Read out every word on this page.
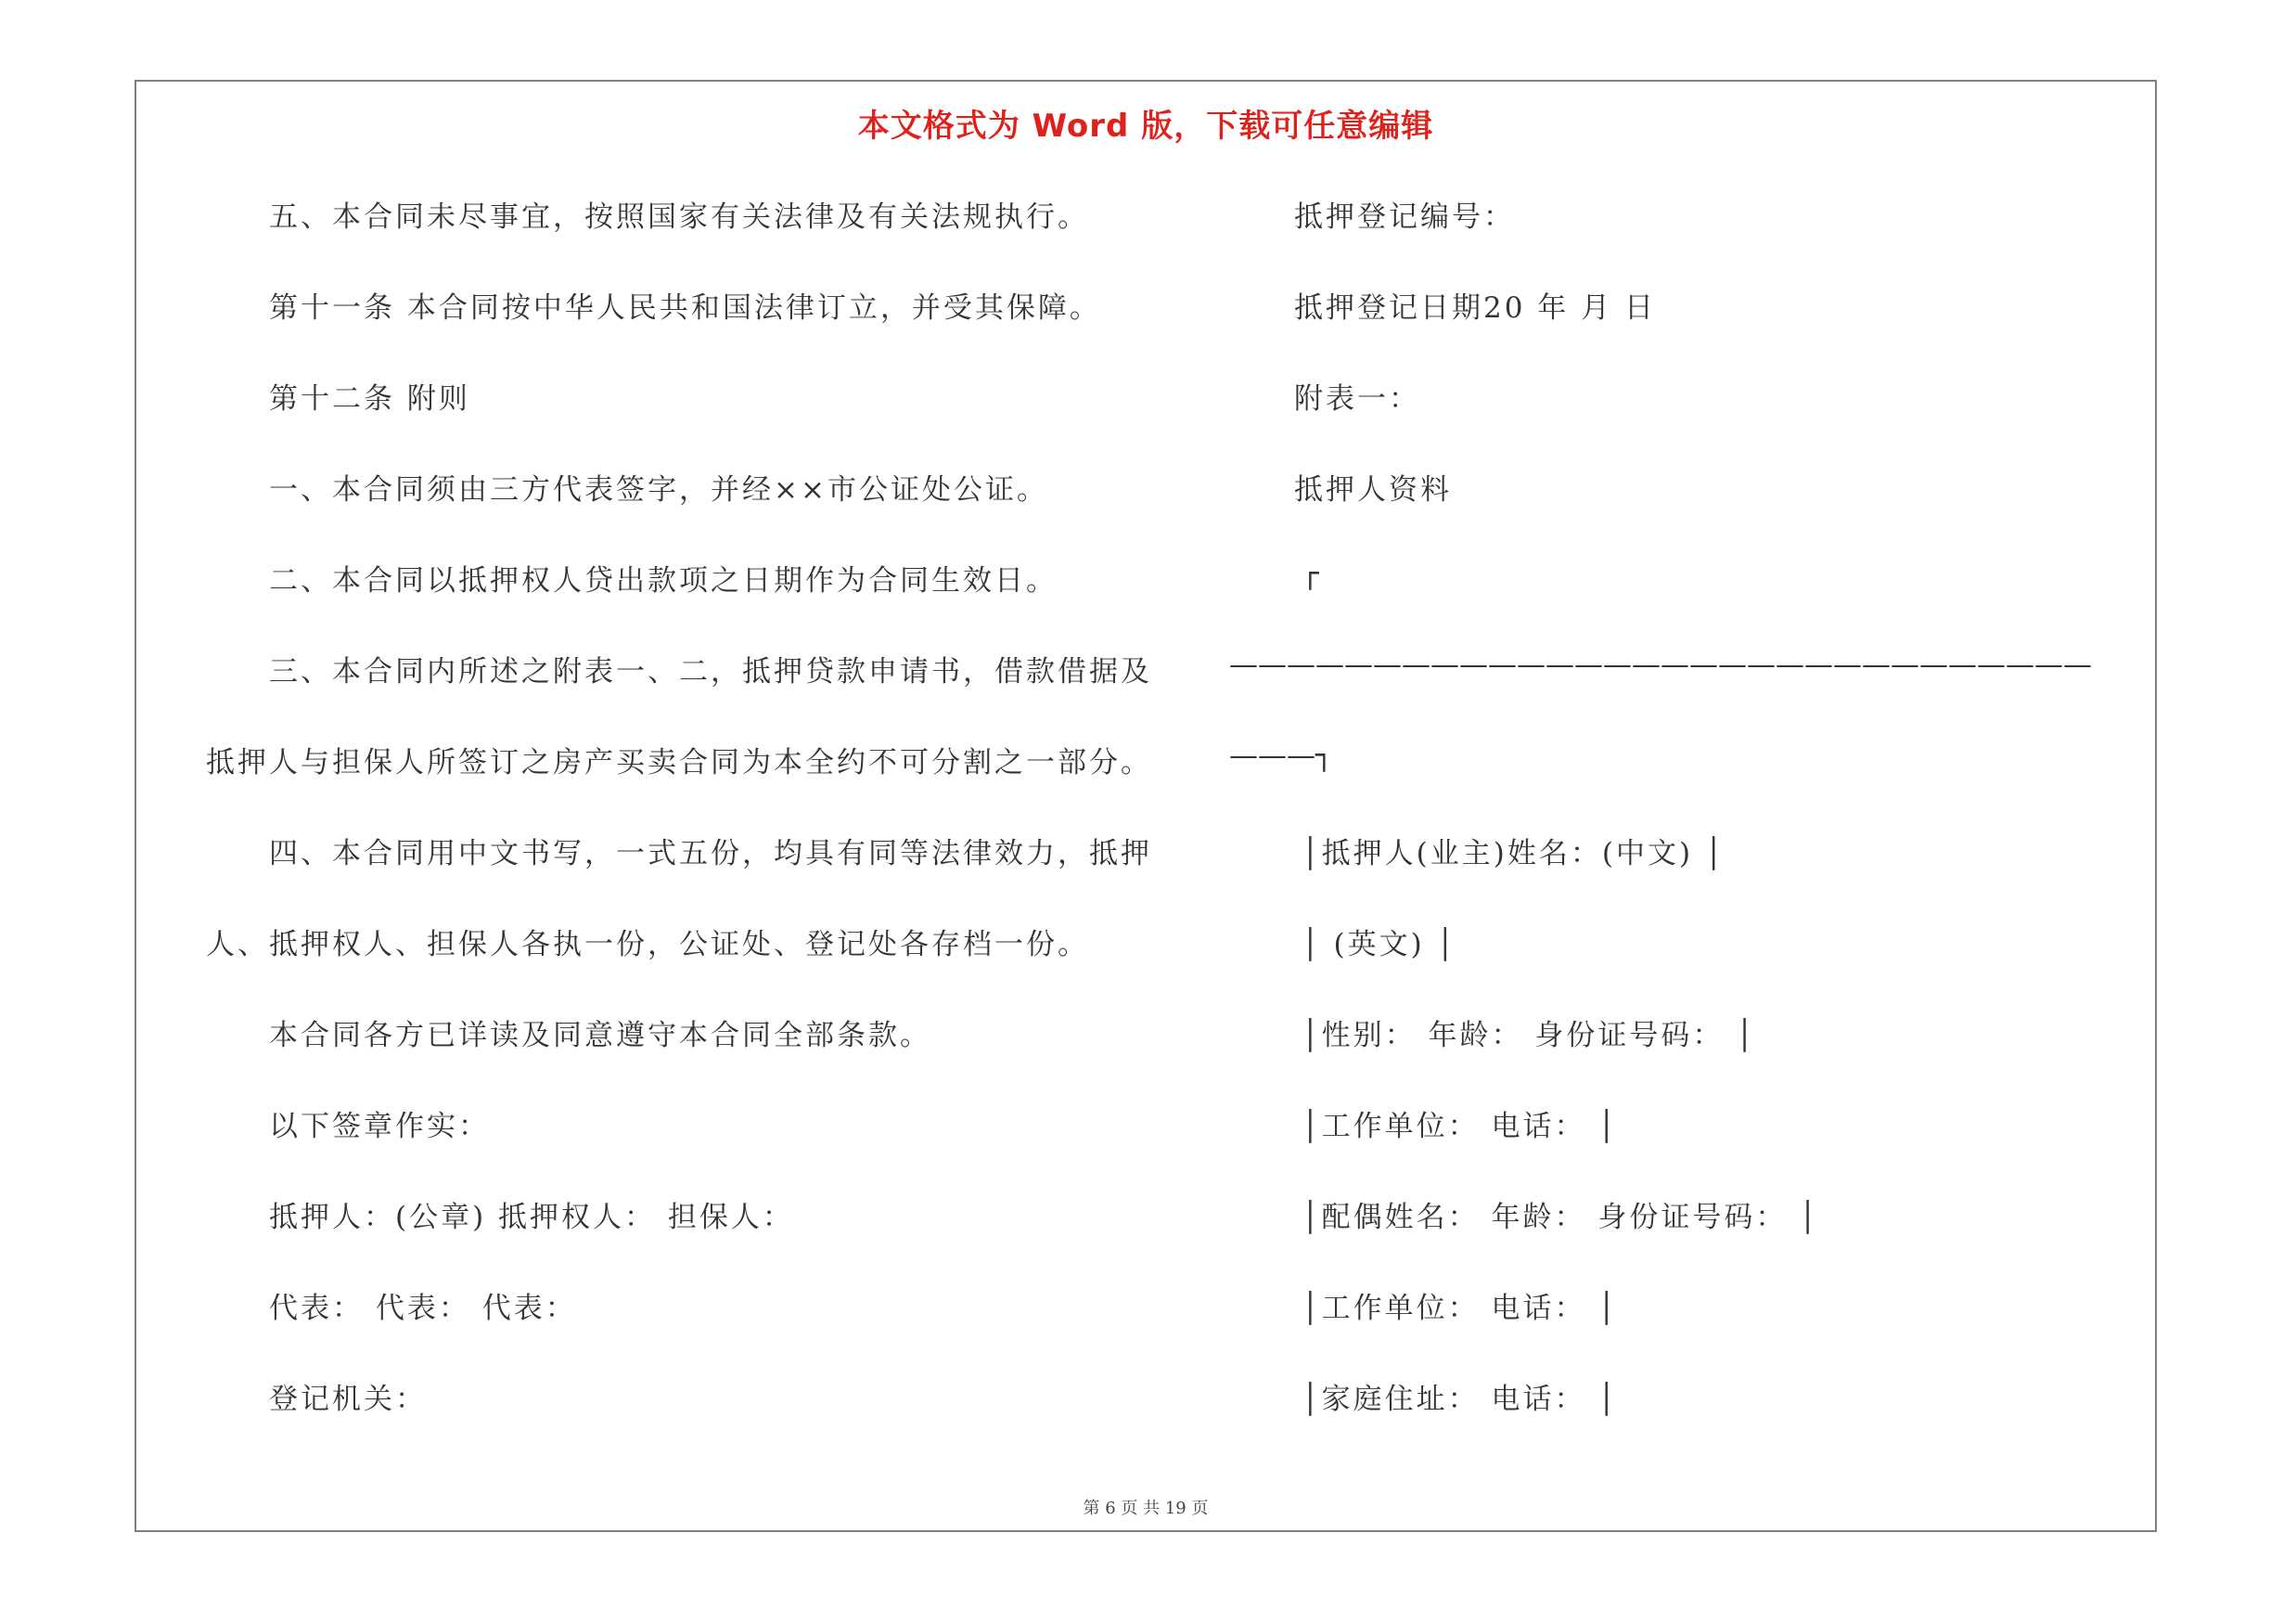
本文格式为 Word 版，下载可任意编辑
五、本合同未尽事宜，按照国家有关法律及有关法规执行。
第十一条 本合同按中华人民共和国法律订立，并受其保障。
第十二条 附则
一、本合同须由三方代表签字，并经××市公证处公证。
二、本合同以抵押权人贷出款项之日期作为合同生效日。
三、本合同内所述之附表一、二，抵押贷款申请书，借款借据及
抵押人与担保人所签订之房产买卖合同为本全约不可分割之一部分。
四、本合同用中文书写，一式五份，均具有同等法律效力，抵押
人、抵押权人、担保人各执一份，公证处、登记处各存档一份。
本合同各方已详读及同意遵守本合同全部条款。
以下签章作实：
抵押人：(公章) 抵押权人： 担保人：
代表： 代表： 代表：
登记机关：
抵押登记编号：
抵押登记日期20 年 月 日
附表一：
抵押人资料
┌
——————————————————————————————
———┐
│抵押人(业主)姓名：(中文) │
│ (英文) │
│性别： 年龄： 身份证号码： │
│工作单位： 电话： │
│配偶姓名： 年龄： 身份证号码： │
│工作单位： 电话： │
│家庭住址： 电话： │
第 6 页 共 19 页
